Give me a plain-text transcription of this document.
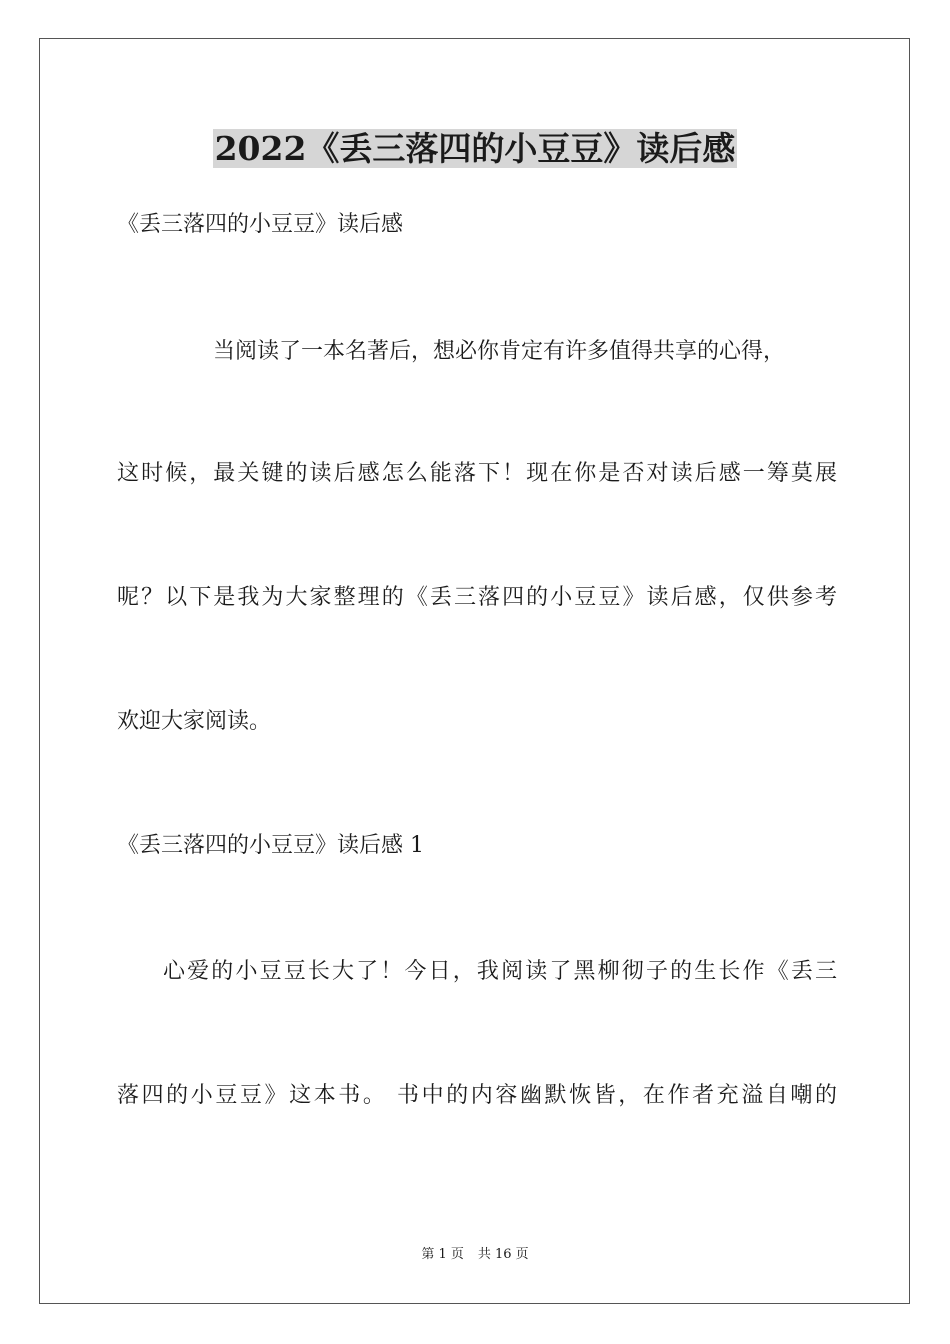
2022《丢三落四的小豆豆》读后感

《丢三落四的小豆豆》读后感

当阅读了一本名著后，想必你肯定有许多值得共享的心得，

这时候，最关键的读后感怎么能落下！现在你是否对读后感一筹莫展

呢？以下是我为大家整理的《丢三落四的小豆豆》读后感，仅供参考

欢迎大家阅读。

《丢三落四的小豆豆》读后感 1

心爱的小豆豆长大了！今日，我阅读了黑柳彻子的生长作《丢三

落四的小豆豆》这本书。 书中的内容幽默恢皆，在作者充溢自嘲的

第 1 页 共 16 页
